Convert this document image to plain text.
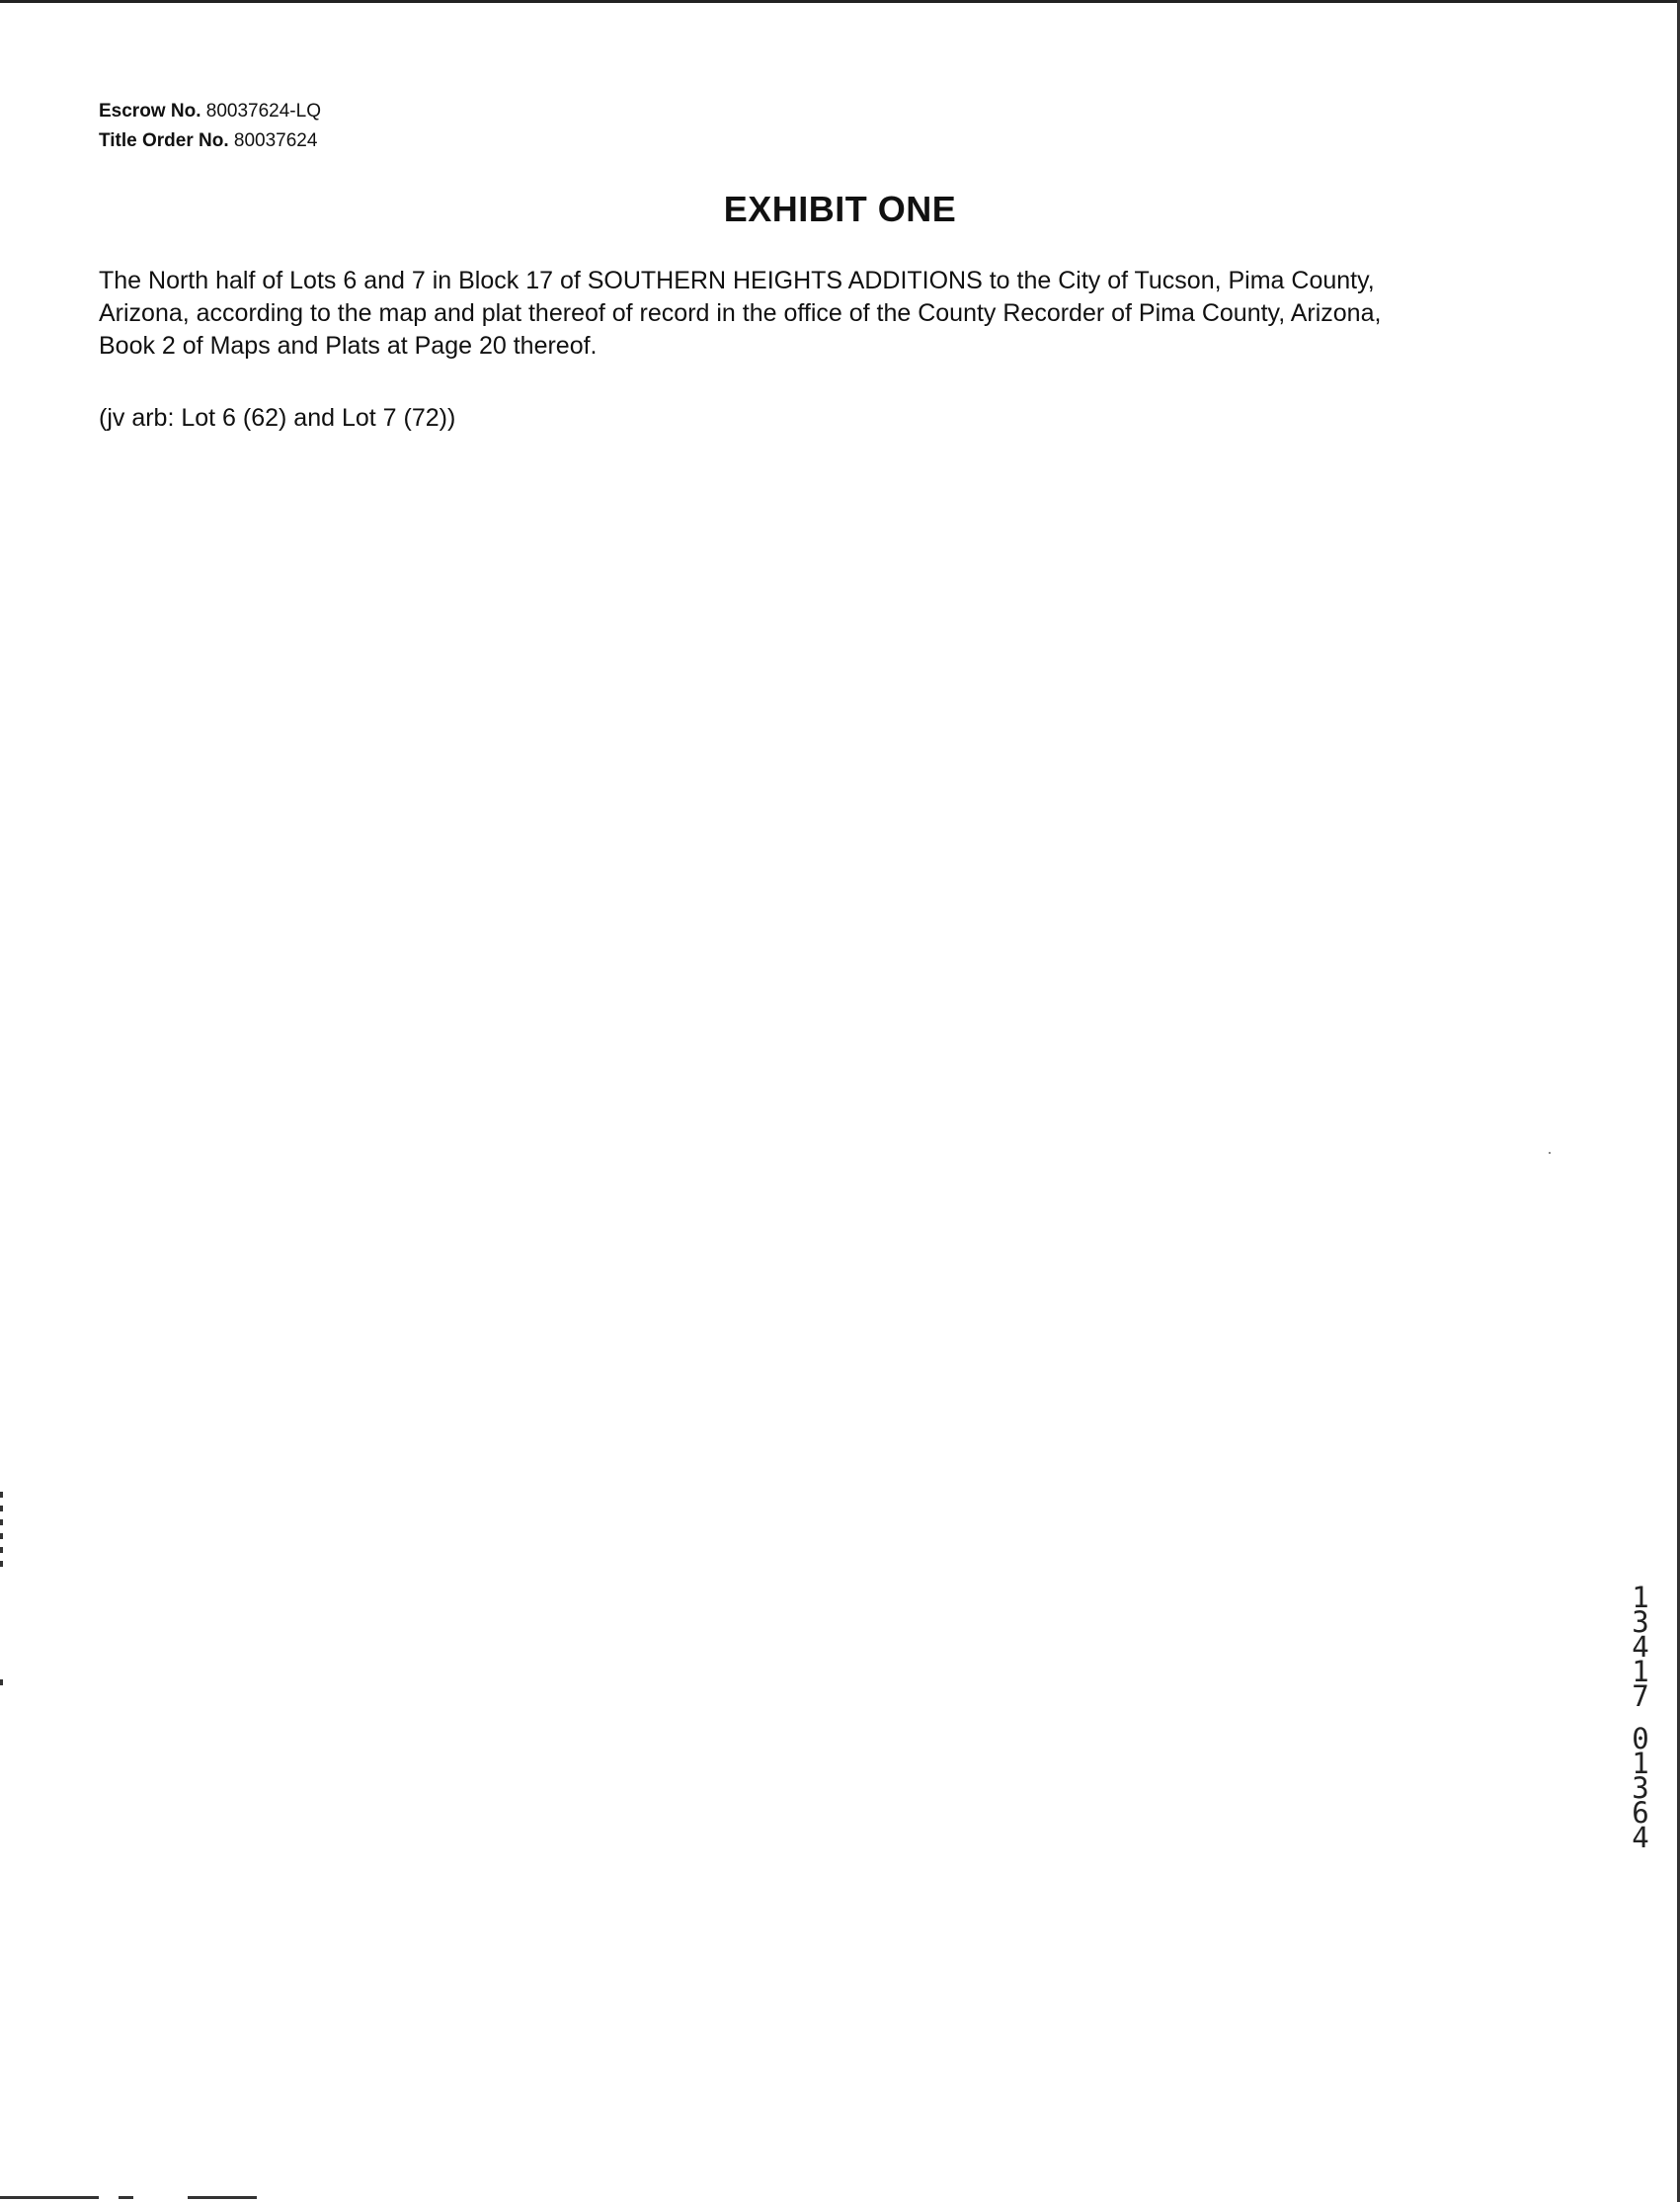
Escrow No. 80037624-LQ
Title Order No. 80037624
EXHIBIT ONE

The North half of Lots 6 and 7 in Block 17 of SOUTHERN HEIGHTS ADDITIONS to the City of Tucson, Pima County,

Arizona, according to the map and plat thereof of record in the office of the County Recorder of Pima County, Arizona,

Book 2 of Maps and Plats at Page 20 thereof.

(jv arb: Lot 6 (62) and Lot 7 (72))
13417
01364
